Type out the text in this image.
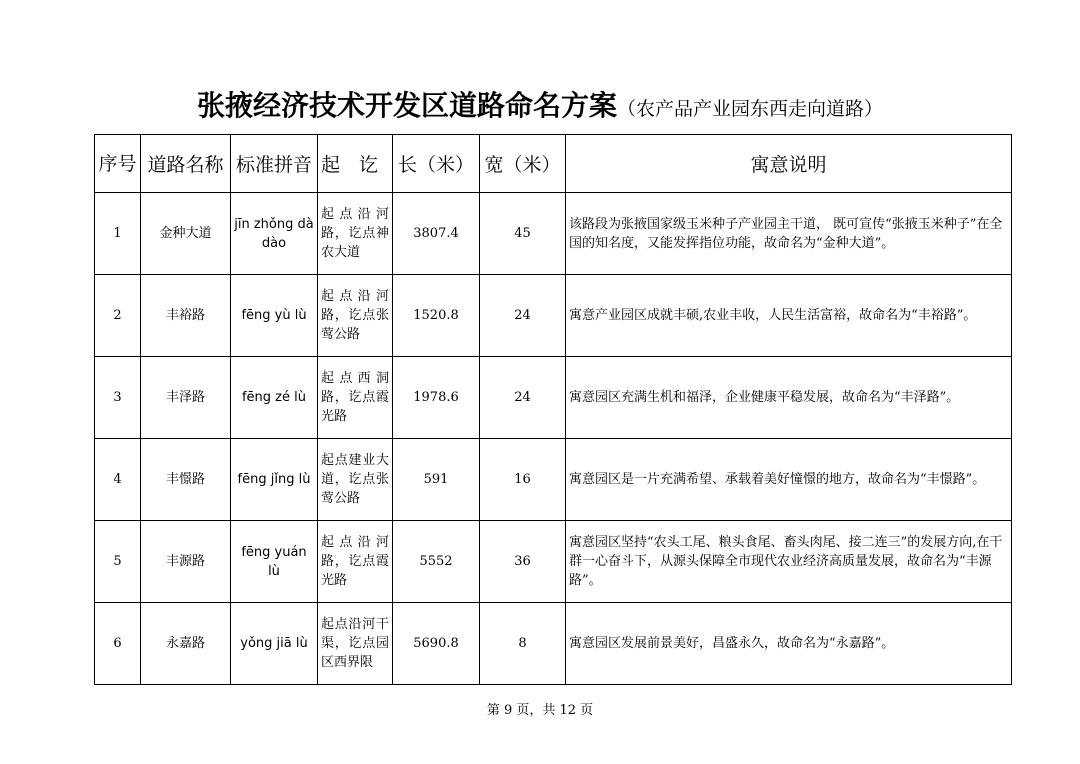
张掖经济技术开发区道路命名方案（农产品产业园东西走向道路）
序号	道路名称	标准拼音	起　讫	长（米）	宽（米）	寓意说明
1	金种大道	jīn zhǒng dà dào	起点沿河路，讫点神农大道	3807.4	45	该路段为张掖国家级玉米种子产业园主干道， 既可宣传“张掖玉米种子”在全国的知名度，又能发挥指位功能，故命名为“金种大道”。
2	丰裕路	fēng yù lù	起点沿河路，讫点张莺公路	1520.8	24	寓意产业园区成就丰硕,农业丰收，人民生活富裕，故命名为“丰裕路”。
3	丰泽路	fēng zé lù	起点西洞路，讫点霞光路	1978.6	24	寓意园区充满生机和福泽，企业健康平稳发展，故命名为“丰泽路”。
4	丰憬路	fēng jǐng lù	起点建业大道，讫点张莺公路	591	16	寓意园区是一片充满希望、承载着美好憧憬的地方，故命名为“丰憬路”。
5	丰源路	fēng yuán lù	起点沿河路，讫点霞光路	5552	36	寓意园区坚持“农头工尾、粮头食尾、畜头肉尾、接二连三”的发展方向,在干群一心奋斗下，从源头保障全市现代农业经济高质量发展，故命名为“丰源路”。
6	永嘉路	yǒng jiā lù	起点沿河干渠，讫点园区西界限	5690.8	8	寓意园区发展前景美好，昌盛永久，故命名为“永嘉路”。
第 9 页，共 12 页
